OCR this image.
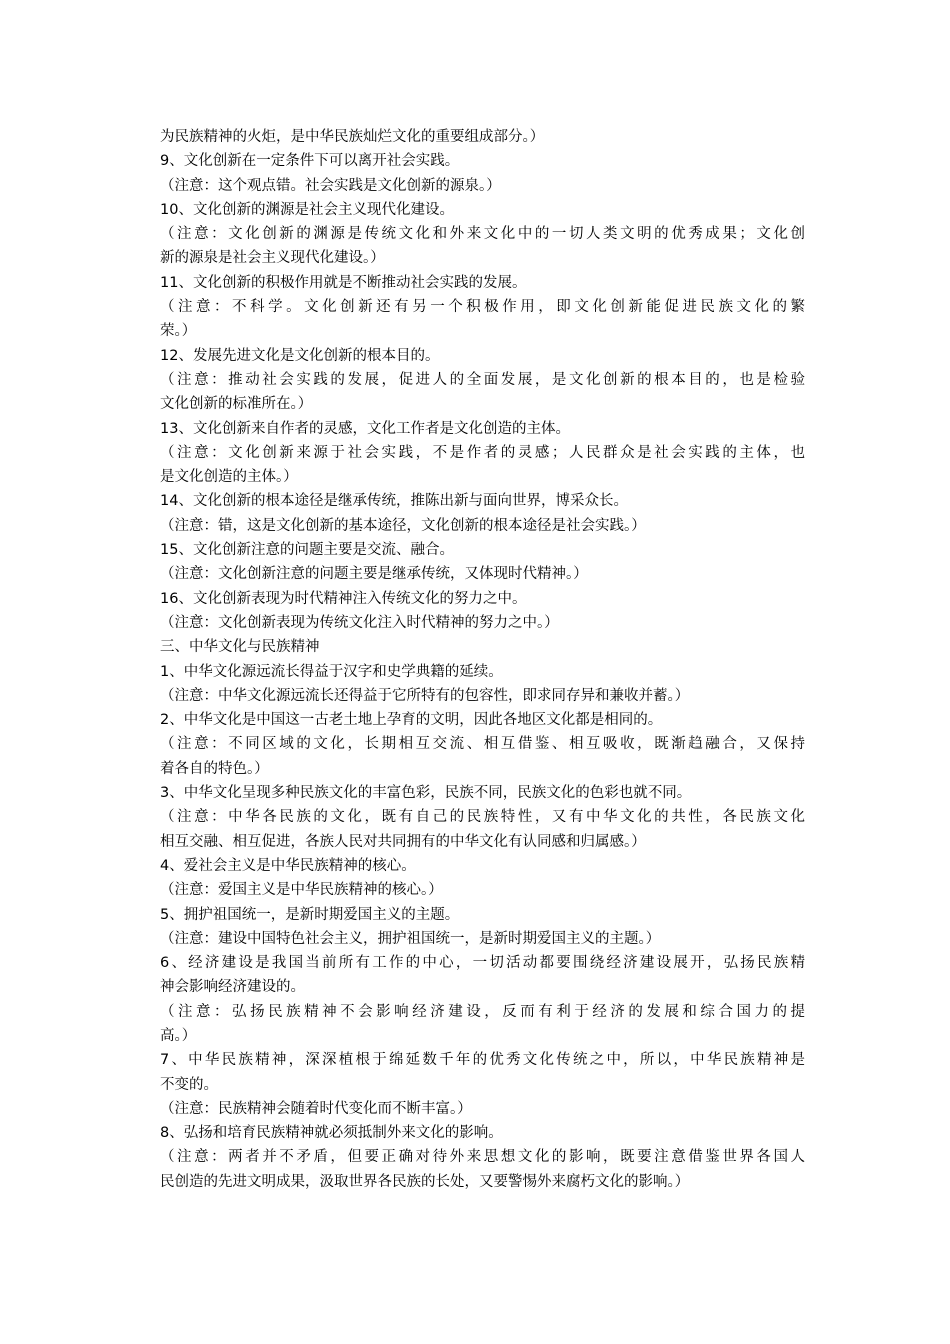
为民族精神的火炬，是中华民族灿烂文化的重要组成部分。）
9、文化创新在一定条件下可以离开社会实践。
（注意：这个观点错。社会实践是文化创新的源泉。）
10、文化创新的渊源是社会主义现代化建设。
（注意：文化创新的渊源是传统文化和外来文化中的一切人类文明的优秀成果；文化创
新的源泉是社会主义现代化建设。）
11、文化创新的积极作用就是不断推动社会实践的发展。
（注意：不科学。文化创新还有另一个积极作用，即文化创新能促进民族文化的繁
荣。）
12、发展先进文化是文化创新的根本目的。
（注意：推动社会实践的发展，促进人的全面发展，是文化创新的根本目的，也是检验
文化创新的标准所在。）
13、文化创新来自作者的灵感，文化工作者是文化创造的主体。
（注意：文化创新来源于社会实践，不是作者的灵感；人民群众是社会实践的主体，也
是文化创造的主体。）
14、文化创新的根本途径是继承传统，推陈出新与面向世界，博采众长。
（注意：错，这是文化创新的基本途径，文化创新的根本途径是社会实践。）
15、文化创新注意的问题主要是交流、融合。
（注意：文化创新注意的问题主要是继承传统，又体现时代精神。）
16、文化创新表现为时代精神注入传统文化的努力之中。
（注意：文化创新表现为传统文化注入时代精神的努力之中。）
三、中华文化与民族精神
1、中华文化源远流长得益于汉字和史学典籍的延续。
（注意：中华文化源远流长还得益于它所特有的包容性，即求同存异和兼收并蓄。）
2、中华文化是中国这一古老土地上孕育的文明，因此各地区文化都是相同的。
（注意：不同区域的文化，长期相互交流、相互借鉴、相互吸收，既渐趋融合，又保持
着各自的特色。）
3、中华文化呈现多种民族文化的丰富色彩，民族不同，民族文化的色彩也就不同。
（注意：中华各民族的文化，既有自己的民族特性，又有中华文化的共性，各民族文化
相互交融、相互促进，各族人民对共同拥有的中华文化有认同感和归属感。）
4、爱社会主义是中华民族精神的核心。
（注意：爱国主义是中华民族精神的核心。）
5、拥护祖国统一，是新时期爱国主义的主题。
（注意：建设中国特色社会主义，拥护祖国统一，是新时期爱国主义的主题。）
6、经济建设是我国当前所有工作的中心，一切活动都要围绕经济建设展开，弘扬民族精
神会影响经济建设的。
（注意：弘扬民族精神不会影响经济建设，反而有利于经济的发展和综合国力的提
高。）
7、中华民族精神，深深植根于绵延数千年的优秀文化传统之中，所以，中华民族精神是
不变的。
（注意：民族精神会随着时代变化而不断丰富。）
8、弘扬和培育民族精神就必须抵制外来文化的影响。
（注意：两者并不矛盾，但要正确对待外来思想文化的影响，既要注意借鉴世界各国人
民创造的先进文明成果，汲取世界各民族的长处，又要警惕外来腐朽文化的影响。）
